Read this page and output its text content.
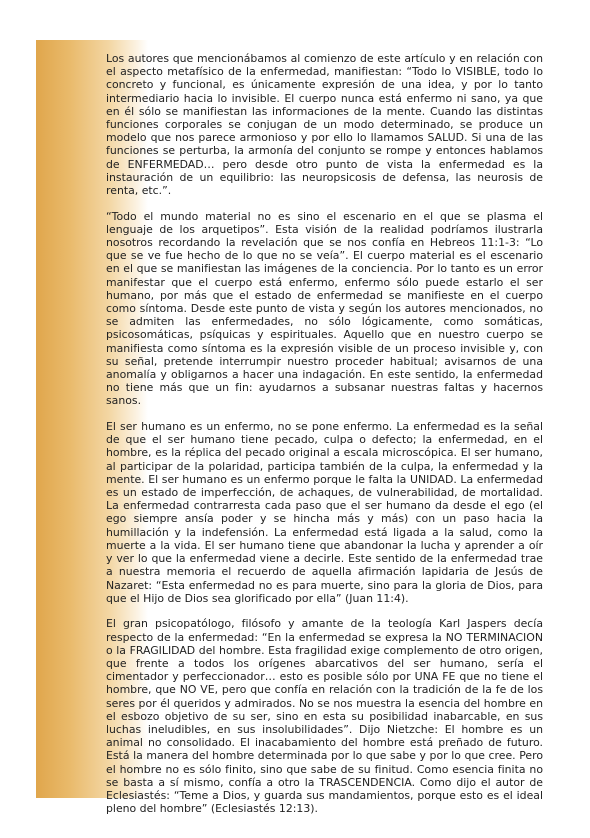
Los autores que mencionábamos al comienzo de este artículo y en relación con el aspecto metafísico de la enfermedad, manifiestan: “Todo lo VISIBLE, todo lo concreto y funcional, es únicamente expresión de una idea, y por lo tanto intermediario hacia lo invisible. El cuerpo nunca está enfermo ni sano, ya que en él sólo se manifiestan las informaciones de la mente. Cuando las distintas funciones corporales se conjugan de un modo determinado, se produce un modelo que nos parece armonioso y por ello lo llamamos SALUD. Si una de las funciones se perturba, la armonía del conjunto se rompe y entonces hablamos de ENFERMEDAD… pero desde otro punto de vista la enfermedad es la instauración de un equilibrio: las neuropsicosis de defensa, las neurosis de renta, etc.”.

“Todo el mundo material no es sino el escenario en el que se plasma el lenguaje de los arquetipos”. Esta visión de la realidad podríamos ilustrarla nosotros recordando la revelación que se nos confía en Hebreos 11:1-3: “Lo que se ve fue hecho de lo que no se veía”. El cuerpo material es el escenario en el que se manifiestan las imágenes de la conciencia. Por lo tanto es un error manifestar que el cuerpo está enfermo, enfermo sólo puede estarlo el ser humano, por más que el estado de enfermedad se manifieste en el cuerpo como síntoma. Desde este punto de vista y según los autores mencionados, no se admiten las enfermedades, no sólo lógicamente, como somáticas, psicosomáticas, psíquicas y espirituales. Aquello que en nuestro cuerpo se manifiesta como síntoma es la expresión visible de un proceso invisible y, con su señal, pretende interrumpir nuestro proceder habitual; avisarnos de una anomalía y obligarnos a hacer una indagación. En este sentido, la enfermedad no tiene más que un fin: ayudarnos a subsanar nuestras faltas y hacernos sanos.

El ser humano es un enfermo, no se pone enfermo. La enfermedad es la señal de que el ser humano tiene pecado, culpa o defecto; la enfermedad, en el hombre, es la réplica del pecado original a escala microscópica. El ser humano, al participar de la polaridad, participa también de la culpa, la enfermedad y la mente. El ser humano es un enfermo porque le falta la UNIDAD. La enfermedad es un estado de imperfección, de achaques, de vulnerabilidad, de mortalidad. La enfermedad contrarresta cada paso que el ser humano da desde el ego (el ego siempre ansía poder y se hincha más y más) con un paso hacia la humillación y la indefensión. La enfermedad está ligada a la salud, como la muerte a la vida. El ser humano tiene que abandonar la lucha y aprender a oír y ver lo que la enfermedad viene a decirle. Este sentido de la enfermedad trae a nuestra memoria el recuerdo de aquella afirmación lapidaria de Jesús de Nazaret: “Esta enfermedad no es para muerte, sino para la gloria de Dios, para que el Hijo de Dios sea glorificado por ella” (Juan 11:4).

El gran psicopatólogo, filósofo y amante de la teología Karl Jaspers decía respecto de la enfermedad: “En la enfermedad se expresa la NO TERMINACION o la FRAGILIDAD del hombre. Esta fragilidad exige complemento de otro origen, que frente a todos los orígenes abarcativos del ser humano, sería el cimentador y perfeccionador… esto es posible sólo por UNA FE que no tiene el hombre, que NO VE, pero que confía en relación con la tradición de la fe de los seres por él queridos y admirados. No se nos muestra la esencia del hombre en el esbozo objetivo de su ser, sino en esta su posibilidad inabarcable, en sus luchas ineludibles, en sus insolubilidades”. Dijo Nietzche: El hombre es un animal no consolidado. El inacabamiento del hombre está preñado de futuro. Está la manera del hombre determinada por lo que sabe y por lo que cree. Pero el hombre no es sólo finito, sino que sabe de su finitud. Como esencia finita no se basta a sí mismo, confía a otro la TRASCENDENCIA. Como dijo el autor de Eclesiastés: “Teme a Dios, y guarda sus mandamientos, porque esto es el ideal pleno del hombre” (Eclesiastés 12:13).
